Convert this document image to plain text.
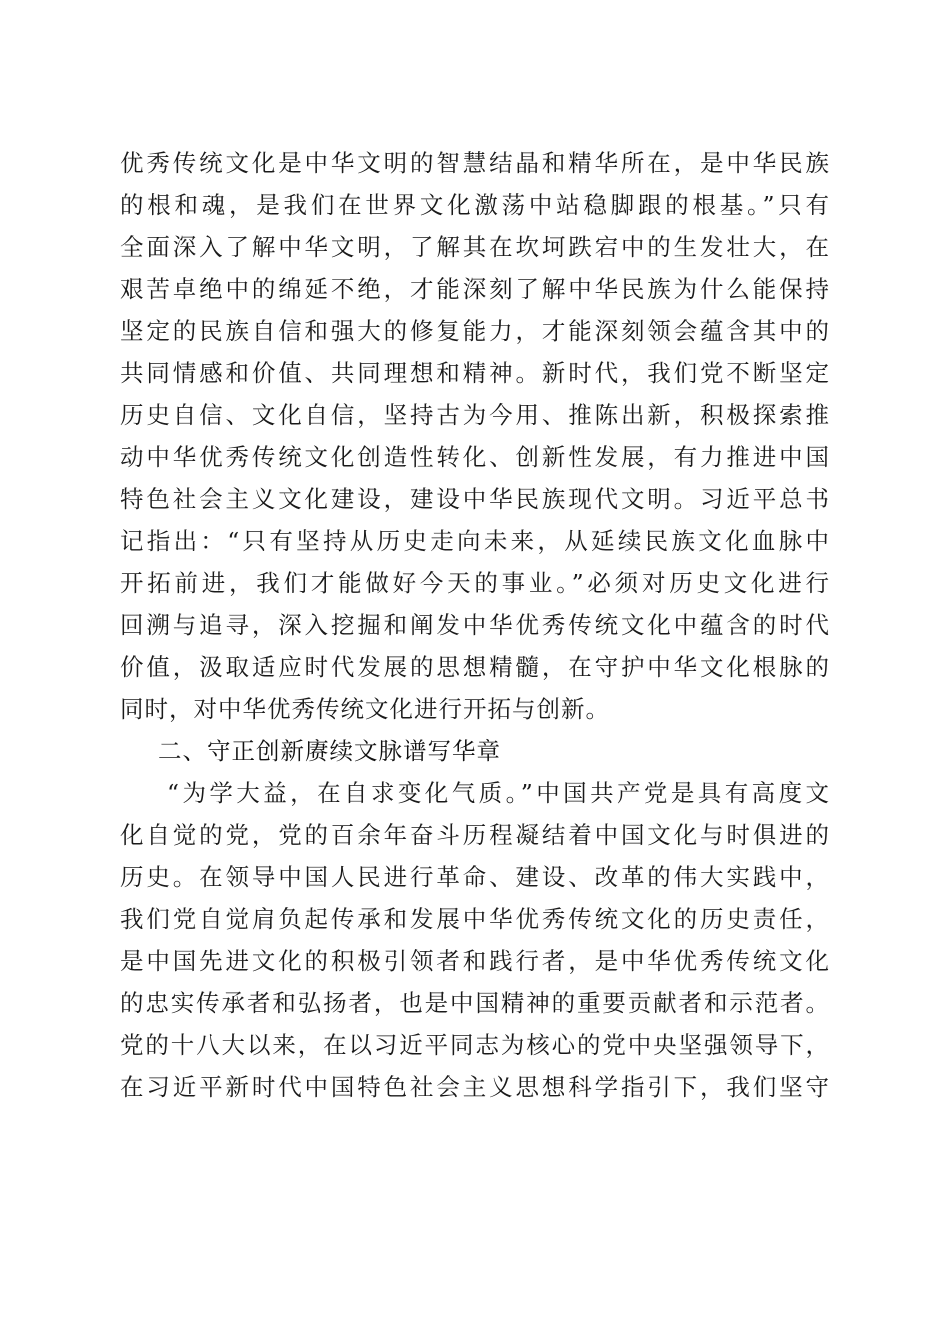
优秀传统文化是中华文明的智慧结晶和精华所在，是中华民族
的根和魂，是我们在世界文化激荡中站稳脚跟的根基。”只有
全面深入了解中华文明，了解其在坎坷跌宕中的生发壮大，在
艰苦卓绝中的绵延不绝，才能深刻了解中华民族为什么能保持
坚定的民族自信和强大的修复能力，才能深刻领会蕴含其中的
共同情感和价值、共同理想和精神。新时代，我们党不断坚定
历史自信、文化自信，坚持古为今用、推陈出新，积极探索推
动中华优秀传统文化创造性转化、创新性发展，有力推进中国
特色社会主义文化建设，建设中华民族现代文明。习近平总书
记指出：“只有坚持从历史走向未来，从延续民族文化血脉中
开拓前进，我们才能做好今天的事业。”必须对历史文化进行
回溯与追寻，深入挖掘和阐发中华优秀传统文化中蕴含的时代
价值，汲取适应时代发展的思想精髓，在守护中华文化根脉的
同时，对中华优秀传统文化进行开拓与创新。
二、守正创新赓续文脉谱写华章
“为学大益，在自求变化气质。”中国共产党是具有高度文
化自觉的党，党的百余年奋斗历程凝结着中国文化与时俱进的
历史。在领导中国人民进行革命、建设、改革的伟大实践中，
我们党自觉肩负起传承和发展中华优秀传统文化的历史责任，
是中国先进文化的积极引领者和践行者，是中华优秀传统文化
的忠实传承者和弘扬者，也是中国精神的重要贡献者和示范者。
党的十八大以来，在以习近平同志为核心的党中央坚强领导下，
在习近平新时代中国特色社会主义思想科学指引下，我们坚守
